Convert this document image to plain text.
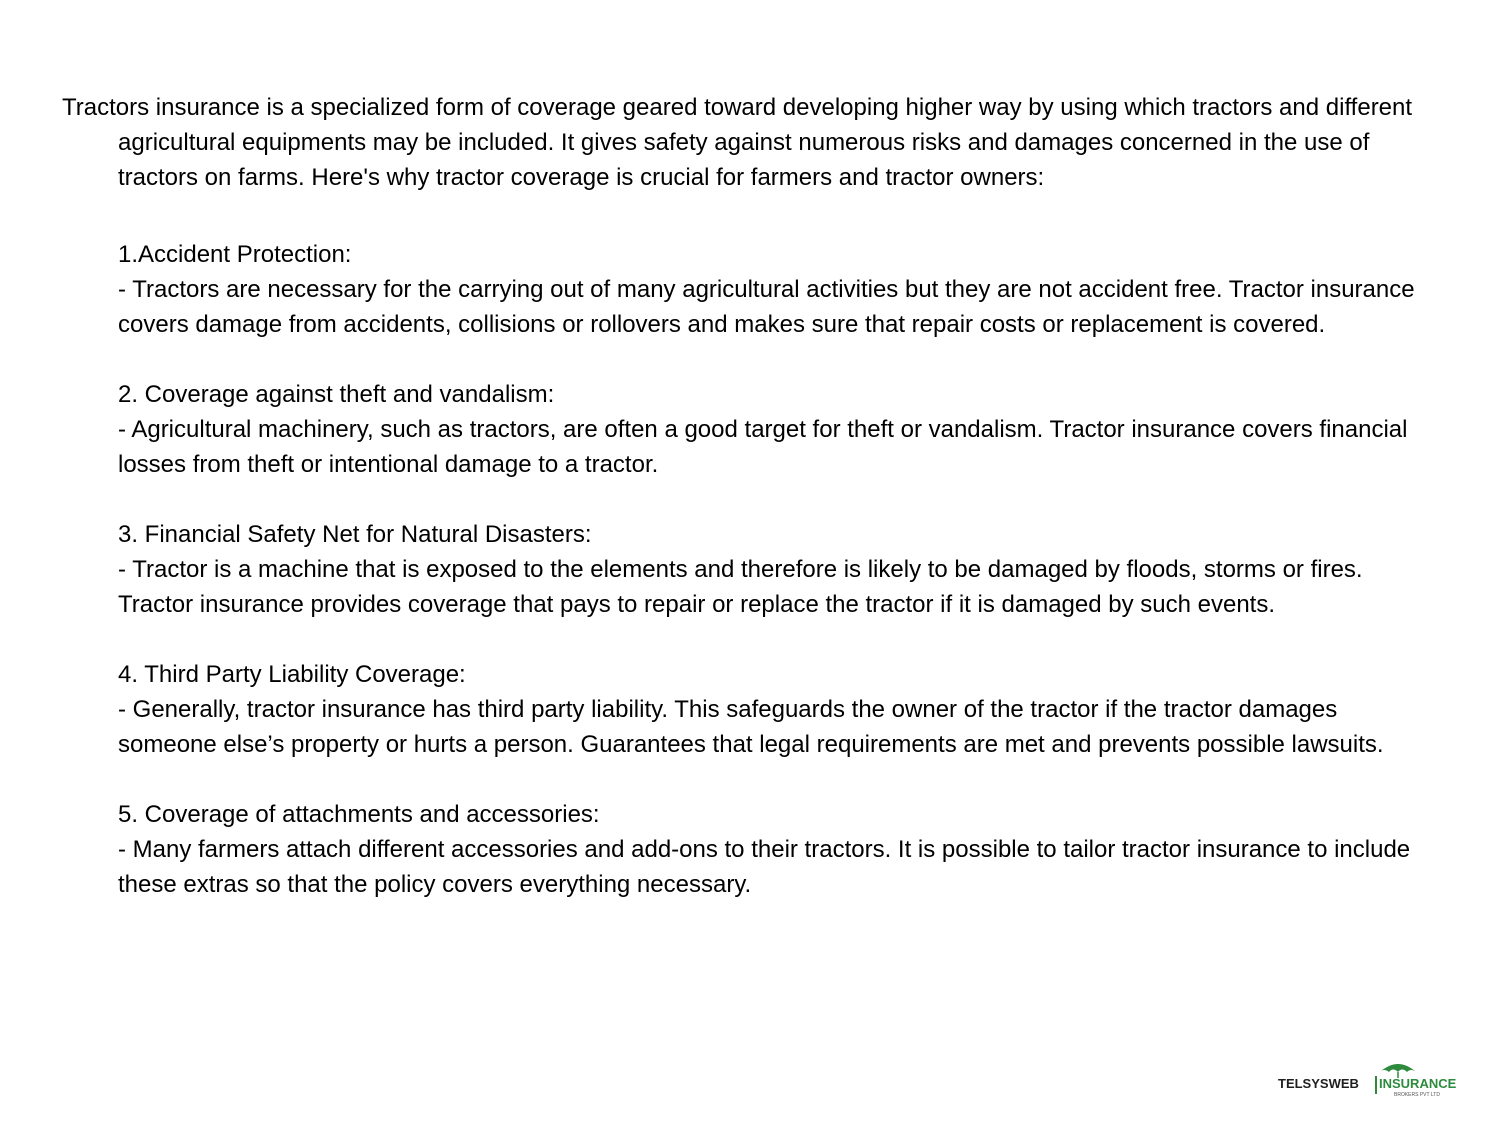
Tractors insurance is a specialized form of coverage geared toward developing higher way by using which tractors and different agricultural equipments may be included. It gives safety against numerous risks and damages concerned in the use of tractors on farms. Here's why tractor coverage is crucial for farmers and tractor owners:

1.Accident Protection:

- Tractors are necessary for the carrying out of many agricultural activities but they are not accident free. Tractor insurance covers damage from accidents, collisions or rollovers and makes sure that repair costs or replacement is covered.

2. Coverage against theft and vandalism:

- Agricultural machinery, such as tractors, are often a good target for theft or vandalism. Tractor insurance covers financial losses from theft or intentional damage to a tractor.

3. Financial Safety Net for Natural Disasters:

- Tractor is a machine that is exposed to the elements and therefore is likely to be damaged by floods, storms or fires. Tractor insurance provides coverage that pays to repair or replace the tractor if it is damaged by such events.

4. Third Party Liability Coverage:

- Generally, tractor insurance has third party liability. This safeguards the owner of the tractor if the tractor damages someone else’s property or hurts a person. Guarantees that legal requirements are met and prevents possible lawsuits.

5. Coverage of attachments and accessories:

- Many farmers attach different accessories and add-ons to their tractors. It is possible to tailor tractor insurance to include these extras so that the policy covers everything necessary.

TELSYSWEB INSURANCE
BROKERS PVT LTD
